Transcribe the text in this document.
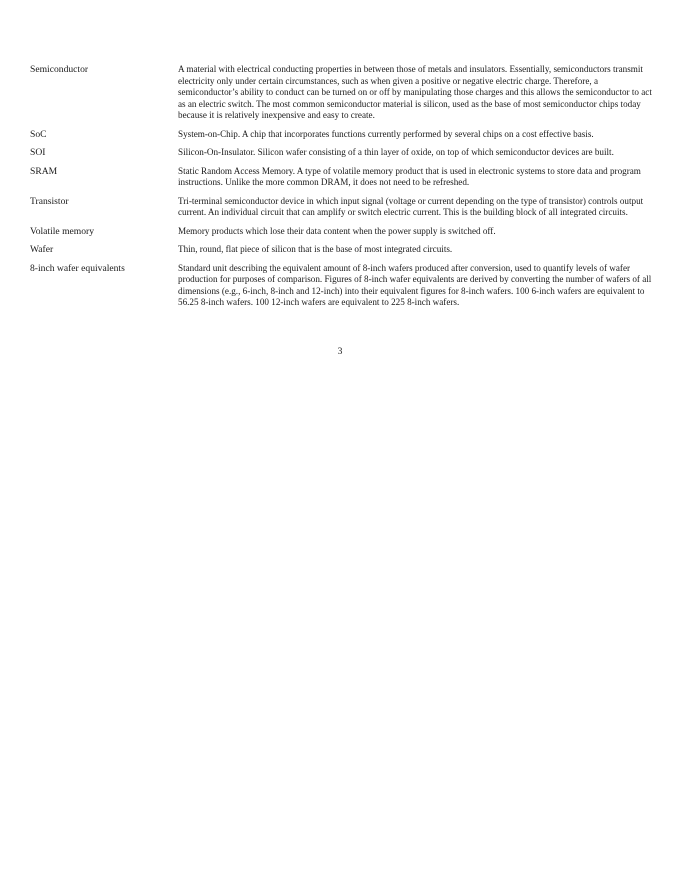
Semiconductor	A material with electrical conducting properties in between those of metals and insulators. Essentially, semiconductors transmit electricity only under certain circumstances, such as when given a positive or negative electric charge. Therefore, a semiconductor’s ability to conduct can be turned on or off by manipulating those charges and this allows the semiconductor to act as an electric switch. The most common semiconductor material is silicon, used as the base of most semiconductor chips today because it is relatively inexpensive and easy to create.
SoC	System-on-Chip. A chip that incorporates functions currently performed by several chips on a cost effective basis.
SOI	Silicon-On-Insulator. Silicon wafer consisting of a thin layer of oxide, on top of which semiconductor devices are built.
SRAM	Static Random Access Memory. A type of volatile memory product that is used in electronic systems to store data and program instructions. Unlike the more common DRAM, it does not need to be refreshed.
Transistor	Tri-terminal semiconductor device in which input signal (voltage or current depending on the type of transistor) controls output current. An individual circuit that can amplify or switch electric current. This is the building block of all integrated circuits.
Volatile memory	Memory products which lose their data content when the power supply is switched off.
Wafer	Thin, round, flat piece of silicon that is the base of most integrated circuits.
8-inch wafer equivalents	Standard unit describing the equivalent amount of 8-inch wafers produced after conversion, used to quantify levels of wafer production for purposes of comparison. Figures of 8-inch wafer equivalents are derived by converting the number of wafers of all dimensions (e.g., 6-inch, 8-inch and 12-inch) into their equivalent figures for 8-inch wafers. 100 6-inch wafers are equivalent to 56.25 8-inch wafers. 100 12-inch wafers are equivalent to 225 8-inch wafers.
3
